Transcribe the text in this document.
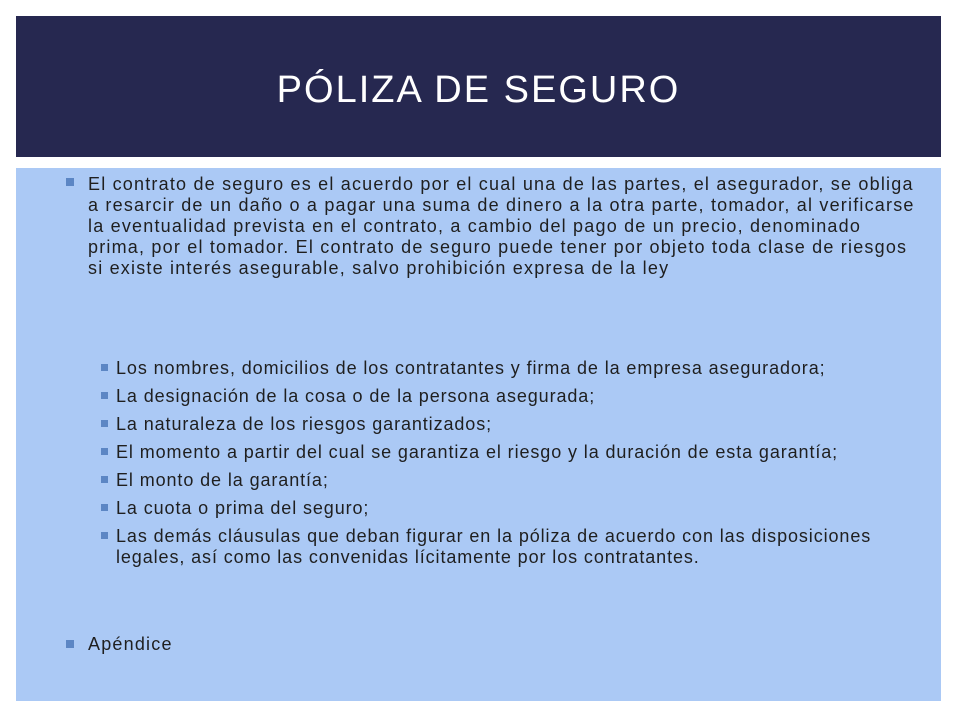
PÓLIZA DE SEGURO
El contrato de seguro es el acuerdo por el cual una de las partes, el asegurador, se obliga a resarcir de un daño o a pagar una suma de dinero a la otra parte, tomador, al verificarse la eventualidad prevista en el contrato, a cambio del pago de un precio, denominado prima, por el tomador. El contrato de seguro puede tener por objeto toda clase de riesgos si existe interés asegurable, salvo prohibición expresa de la ley
Los nombres, domicilios de los contratantes y firma de la empresa aseguradora;
La designación de la cosa o de la persona asegurada;
La naturaleza de los riesgos garantizados;
El momento a partir del cual se garantiza el riesgo y la duración de esta garantía;
El monto de la garantía;
La cuota o prima del seguro;
Las demás cláusulas que deban figurar en la póliza de acuerdo con las disposiciones legales, así como las convenidas lícitamente por los contratantes.
Apéndice
